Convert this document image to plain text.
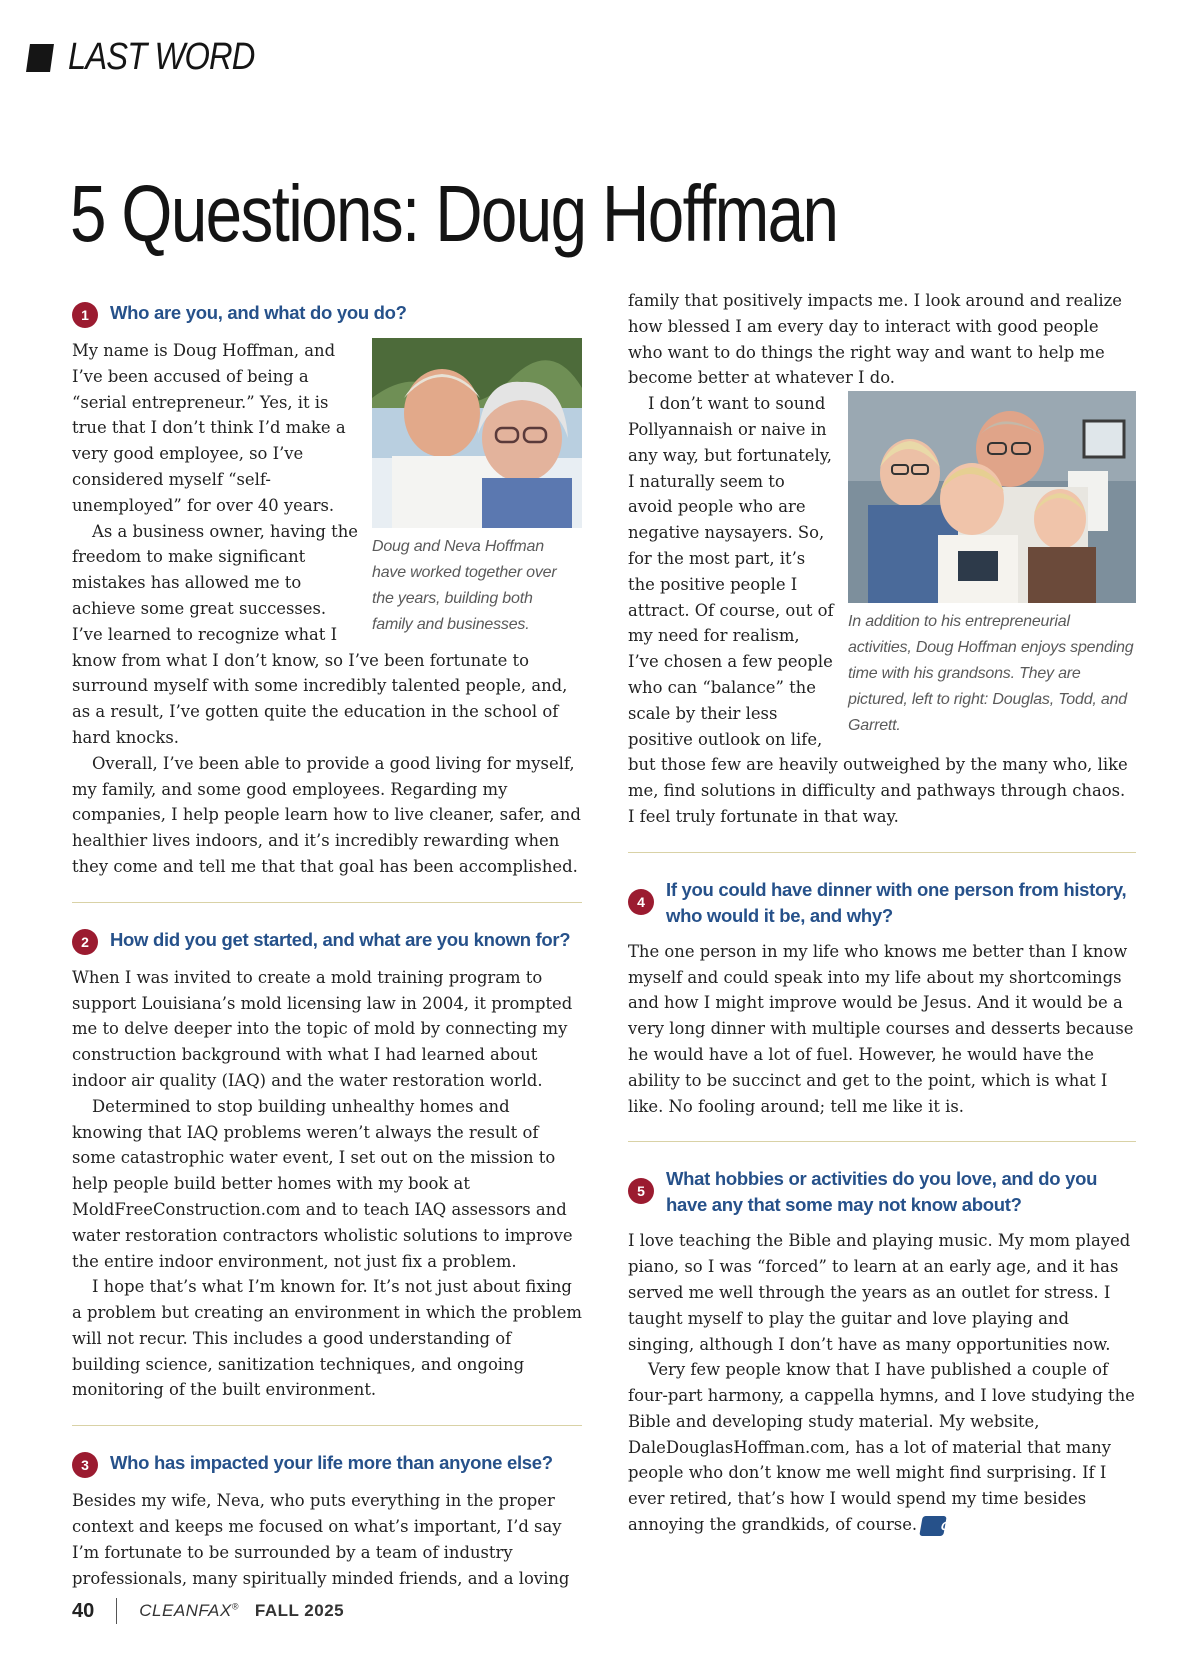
LAST WORD
5 Questions: Doug Hoffman
1	Who are you, and what do you do?
Doug and Neva Hoffman have worked together over the years, building both family and businesses.

My name is Doug Hoffman, and I’ve been accused of being a “serial entrepreneur.” Yes, it is true that I don’t think I’d make a very good employee, so I’ve considered myself “self-unemployed” for over 40 years.

As a business owner, having the freedom to make significant mistakes has allowed me to achieve some great successes. I’ve learned to recognize what I know from what I don’t know, so I’ve been fortunate to surround myself with some incredibly talented people, and, as a result, I’ve gotten quite the education in the school of hard knocks.

Overall, I’ve been able to provide a good living for myself, my family, and some good employees. Regarding my companies, I help people learn how to live cleaner, safer, and healthier lives indoors, and it’s incredibly rewarding when they come and tell me that that goal has been accomplished.

2	How did you get started, and what are you known for?

When I was invited to create a mold training program to support Louisiana’s mold licensing law in 2004, it prompted me to delve deeper into the topic of mold by connecting my construction background with what I had learned about indoor air quality (IAQ) and the water restoration world.

Determined to stop building unhealthy homes and knowing that IAQ problems weren’t always the result of some catastrophic water event, I set out on the mission to help people build better homes with my book at MoldFreeConstruction.com and to teach IAQ assessors and water restoration contractors wholistic solutions to improve the entire indoor environment, not just fix a problem.

I hope that’s what I’m known for. It’s not just about fixing a problem but creating an environment in which the problem will not recur. This includes a good understanding of building science, sanitization techniques, and ongoing monitoring of the built environment.

3	Who has impacted your life more than anyone else?

Besides my wife, Neva, who puts everything in the proper context and keeps me focused on what’s important, I’d say I’m fortunate to be surrounded by a team of industry professionals, many spiritually minded friends, and a loving

family that positively impacts me. I look around and realize how blessed I am every day to interact with good people who want to do things the right way and want to help me become better at whatever I do.

In addition to his entrepreneurial activities, Doug Hoffman enjoys spending time with his grandsons. They are pictured, left to right: Douglas, Todd, and Garrett.

I don’t want to sound Pollyannaish or naive in any way, but fortunately, I naturally seem to avoid people who are negative naysayers. So, for the most part, it’s the positive people I attract. Of course, out of my need for realism, I’ve chosen a few people who can “balance” the scale by their less positive outlook on life, but those few are heavily outweighed by the many who, like me, find solutions in difficulty and pathways through chaos. I feel truly fortunate in that way.

4
If you could have dinner with one person from history,
who would it be, and why?

The one person in my life who knows me better than I know myself and could speak into my life about my shortcomings and how I might improve would be Jesus. And it would be a very long dinner with multiple courses and desserts because he would have a lot of fuel. However, he would have the ability to be succinct and get to the point, which is what I like. No fooling around; tell me like it is.

5
What hobbies or activities do you love, and do you
have any that some may not know about?

I love teaching the Bible and playing music. My mom played piano, so I was “forced” to learn at an early age, and it has served me well through the years as an outlet for stress. I taught myself to play the guitar and love playing and singing, although I don’t have as many opportunities now.

Very few people know that I have published a couple of four-part harmony, a cappella hymns, and I love studying the Bible and developing study material. My website, DaleDouglasHoffman.com, has a lot of material that many people who don’t know me well might find surprising. If I ever retired, that’s how I would spend my time besides annoying the grandkids, of course. CF

40	CLEANFAX® FALL 2025
